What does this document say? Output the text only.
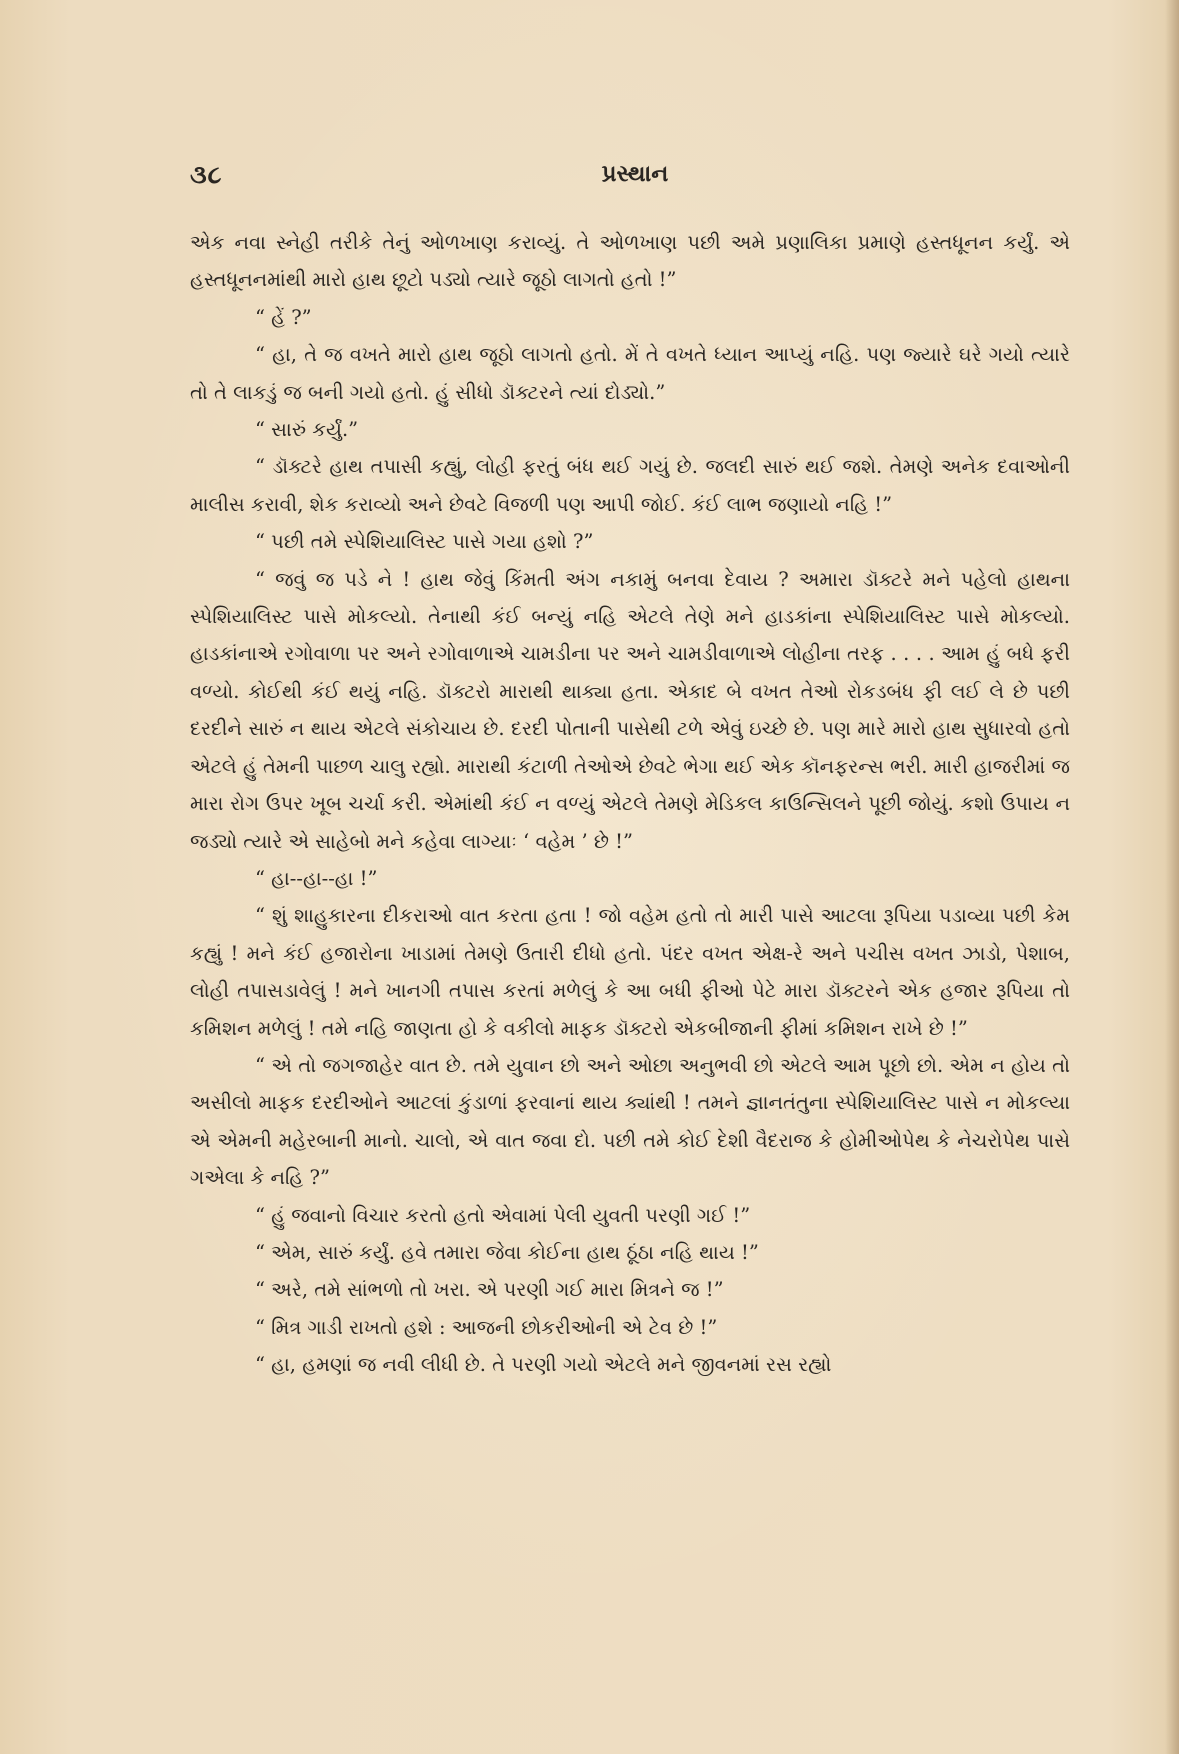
૩૮	પ્રસ્થાન

એક નવા સ્નેહી તરીકે તેનું ઓળખાણ કરાવ્યું. તે ઓળખાણ પછી અમે પ્રણાલિકા પ્રમાણે હસ્તધૂનન કર્યું. એ હસ્તધૂનનમાંથી મારો હાથ છૂટો પડ્યો ત્યારે જૂઠો લાગતો હતો !”

“ હેં ?”

“ હા, તે જ વખતે મારો હાથ જૂઠો લાગતો હતો. મેં તે વખતે ધ્યાન આપ્યું નહિ. પણ જ્યારે ઘરે ગયો ત્યારે તો તે લાકડું જ બની ગયો હતો. હું સીધો ડૉક્ટરને ત્યાં દોડ્યો.”

“ સારું કર્યું.”

“ ડૉક્ટરે હાથ તપાસી કહ્યું, લોહી ફરતું બંધ થઈ ગયું છે. જલદી સારું થઈ જશે. તેમણે અનેક દવાઓની માલીસ કરાવી, શેક કરાવ્યો અને છેવટે વિજળી પણ આપી જોઈ. કંઈ લાભ જણાયો નહિ !”

“ પછી તમે સ્પેશિયાલિસ્ટ પાસે ગયા હશો ?”

“ જવું જ પડે ને ! હાથ જેવું કિંમતી અંગ નકામું બનવા દેવાય ? અમારા ડૉક્ટરે મને પહેલો હાથના સ્પેશિયાલિસ્ટ પાસે મોકલ્યો. તેનાથી કંઈ બન્યું નહિ એટલે તેણે મને હાડકાંના સ્પેશિયાલિસ્ટ પાસે મોકલ્યો. હાડકાંનાએ રગોવાળા પર અને રગોવાળાએ ચામડીના પર અને ચામડીવાળાએ લોહીના તરફ . . . . આમ હું બધે ફરી વળ્યો. કોઈથી કંઈ થયું નહિ. ડૉક્ટરો મારાથી થાક્યા હતા. એકાદ બે વખત તેઓ રોકડબંધ ફી લઈ લે છે પછી દરદીને સારું ન થાય એટલે સંકોચાય છે. દરદી પોતાની પાસેથી ટળે એવું ઇચ્છે છે. પણ મારે મારો હાથ સુધારવો હતો એટલે હું તેમની પાછળ ચાલુ રહ્યો. મારાથી કંટાળી તેઓએ છેવટે ભેગા થઈ એક કૉનફરન્સ ભરી. મારી હાજરીમાં જ મારા રોગ ઉપર ખૂબ ચર્ચા કરી. એમાંથી કંઈ ન વળ્યું એટલે તેમણે મેડિકલ કાઉન્સિલને પૂછી જોયું. કશો ઉપાય ન જડ્યો ત્યારે એ સાહેબો મને કહેવા લાગ્યાઃ ‘ વહેમ ’ છે !”

“ હા--હા--હા !”

“ શું શાહુકારના દીકરાઓ વાત કરતા હતા ! જો વહેમ હતો તો મારી પાસે આટલા રૂપિયા પડાવ્યા પછી કેમ કહ્યું ! મને કંઈ હજારોના ખાડામાં તેમણે ઉતારી દીધો હતો. પંદર વખત એક્ષ-રે અને પચીસ વખત ઝાડો, પેશાબ, લોહી તપાસડાવેલું ! મને ખાનગી તપાસ કરતાં મળેલું કે આ બધી ફીઓ પેટે મારા ડૉક્ટરને એક હજાર રૂપિયા તો કમિશન મળેલું ! તમે નહિ જાણતા હો કે વકીલો માફક ડૉક્ટરો એકબીજાની ફીમાં કમિશન રાખે છે !”

“ એ તો જગજાહેર વાત છે. તમે યુવાન છો અને ઓછા અનુભવી છો એટલે આમ પૂછો છો. એમ ન હોય તો અસીલો માફક દરદીઓને આટલાં કુંડાળાં ફરવાનાં થાય ક્યાંથી ! તમને જ્ઞાનતંતુના સ્પેશિયાલિસ્ટ પાસે ન મોકલ્યા એ એમની મહેરબાની માનો. ચાલો, એ વાત જવા દો. પછી તમે કોઈ દેશી વૈદરાજ કે હોમીઓપેથ કે નેચરોપેથ પાસે ગએલા કે નહિ ?”

“ હું જવાનો વિચાર કરતો હતો એવામાં પેલી યુવતી પરણી ગઈ !”

“ એમ, સારું કર્યું. હવે તમારા જેવા કોઈના હાથ ઠૂંઠા નહિ થાય !”

“ અરે, તમે સાંભળો તો ખરા. એ પરણી ગઈ મારા મિત્રને જ !”

“ મિત્ર ગાડી રાખતો હશે : આજની છોકરીઓની એ ટેવ છે !”

“ હા, હમણાં જ નવી લીધી છે. તે પરણી ગયો એટલે મને જીવનમાં રસ રહ્યો
